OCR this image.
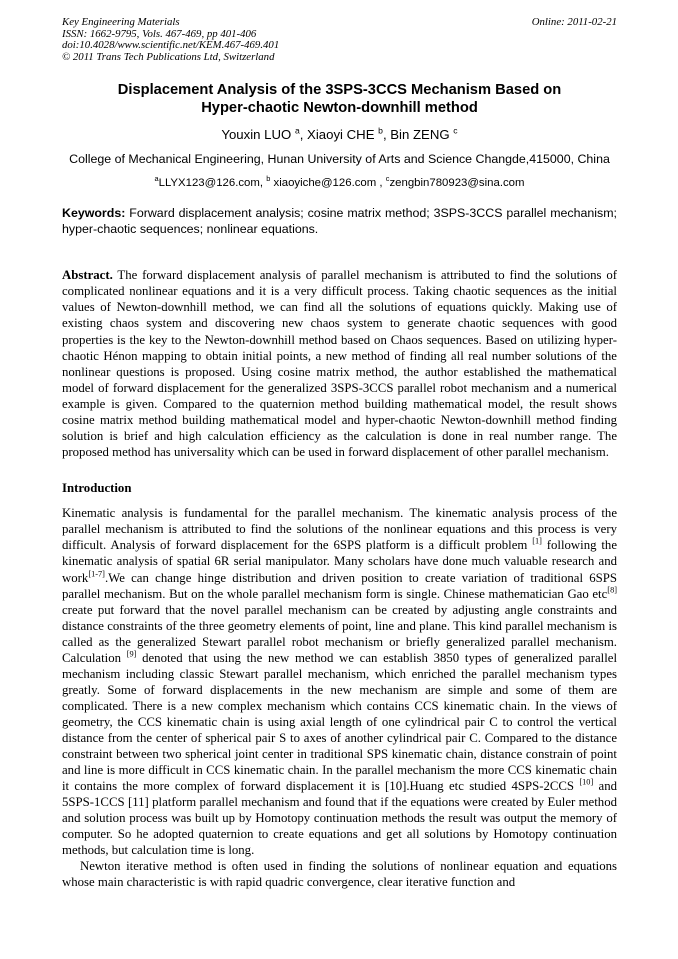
Key Engineering Materials
ISSN: 1662-9795, Vols. 467-469, pp 401-406
doi:10.4028/www.scientific.net/KEM.467-469.401
© 2011 Trans Tech Publications Ltd, Switzerland
Online: 2011-02-21
Displacement Analysis of the 3SPS-3CCS Mechanism Based on Hyper-chaotic Newton-downhill method
Youxin LUO $^a$, Xiaoyi CHE $^b$, Bin ZENG $^c$
College of Mechanical Engineering, Hunan University of Arts and Science Changde,415000, China
$^a$LLYX123@126.com, $^b$ xiaoyiche@126.com , $^c$zengbin780923@sina.com

Keywords: Forward displacement analysis; cosine matrix method; 3SPS-3CCS parallel mechanism; hyper-chaotic sequences; nonlinear equations.

Abstract. The forward displacement analysis of parallel mechanism is attributed to find the solutions of complicated nonlinear equations and it is a very difficult process. Taking chaotic sequences as the initial values of Newton-downhill method, we can find all the solutions of equations quickly. Making use of existing chaos system and discovering new chaos system to generate chaotic sequences with good properties is the key to the Newton-downhill method based on Chaos sequences. Based on utilizing hyper-chaotic Hénon mapping to obtain initial points, a new method of finding all real number solutions of the nonlinear questions is proposed. Using cosine matrix method, the author established the mathematical model of forward displacement for the generalized 3SPS-3CCS parallel robot mechanism and a numerical example is given. Compared to the quaternion method building mathematical model, the result shows cosine matrix method building mathematical model and hyper-chaotic Newton-downhill method finding solution is brief and high calculation efficiency as the calculation is done in real number range. The proposed method has universality which can be used in forward displacement of other parallel mechanism.

Introduction

Kinematic analysis is fundamental for the parallel mechanism. The kinematic analysis process of the parallel mechanism is attributed to find the solutions of the nonlinear equations and this process is very difficult. Analysis of forward displacement for the 6SPS platform is a difficult problem [1] following the kinematic analysis of spatial 6R serial manipulator. Many scholars have done much valuable research and work[1-7].We can change hinge distribution and driven position to create variation of traditional 6SPS parallel mechanism. But on the whole parallel mechanism form is single. Chinese mathematician Gao etc[8] create put forward that the novel parallel mechanism can be created by adjusting angle constraints and distance constraints of the three geometry elements of point, line and plane. This kind parallel mechanism is called as the generalized Stewart parallel robot mechanism or briefly generalized parallel mechanism. Calculation [9] denoted that using the new method we can establish 3850 types of generalized parallel mechanism including classic Stewart parallel mechanism, which enriched the parallel mechanism types greatly. Some of forward displacements in the new mechanism are simple and some of them are complicated. There is a new complex mechanism which contains CCS kinematic chain. In the views of geometry, the CCS kinematic chain is using axial length of one cylindrical pair C to control the vertical distance from the center of spherical pair S to axes of another cylindrical pair C. Compared to the distance constraint between two spherical joint center in traditional SPS kinematic chain, distance constrain of point and line is more difficult in CCS kinematic chain. In the parallel mechanism the more CCS kinematic chain it contains the more complex of forward displacement it is [10].Huang etc studied 4SPS-2CCS [10] and 5SPS-1CCS [11] platform parallel mechanism and found that if the equations were created by Euler method and solution process was built up by Homotopy continuation methods the result was output the memory of computer. So he adopted quaternion to create equations and get all solutions by Homotopy continuation methods, but calculation time is long.

Newton iterative method is often used in finding the solutions of nonlinear equation and equations whose main characteristic is with rapid quadric convergence, clear iterative function and
